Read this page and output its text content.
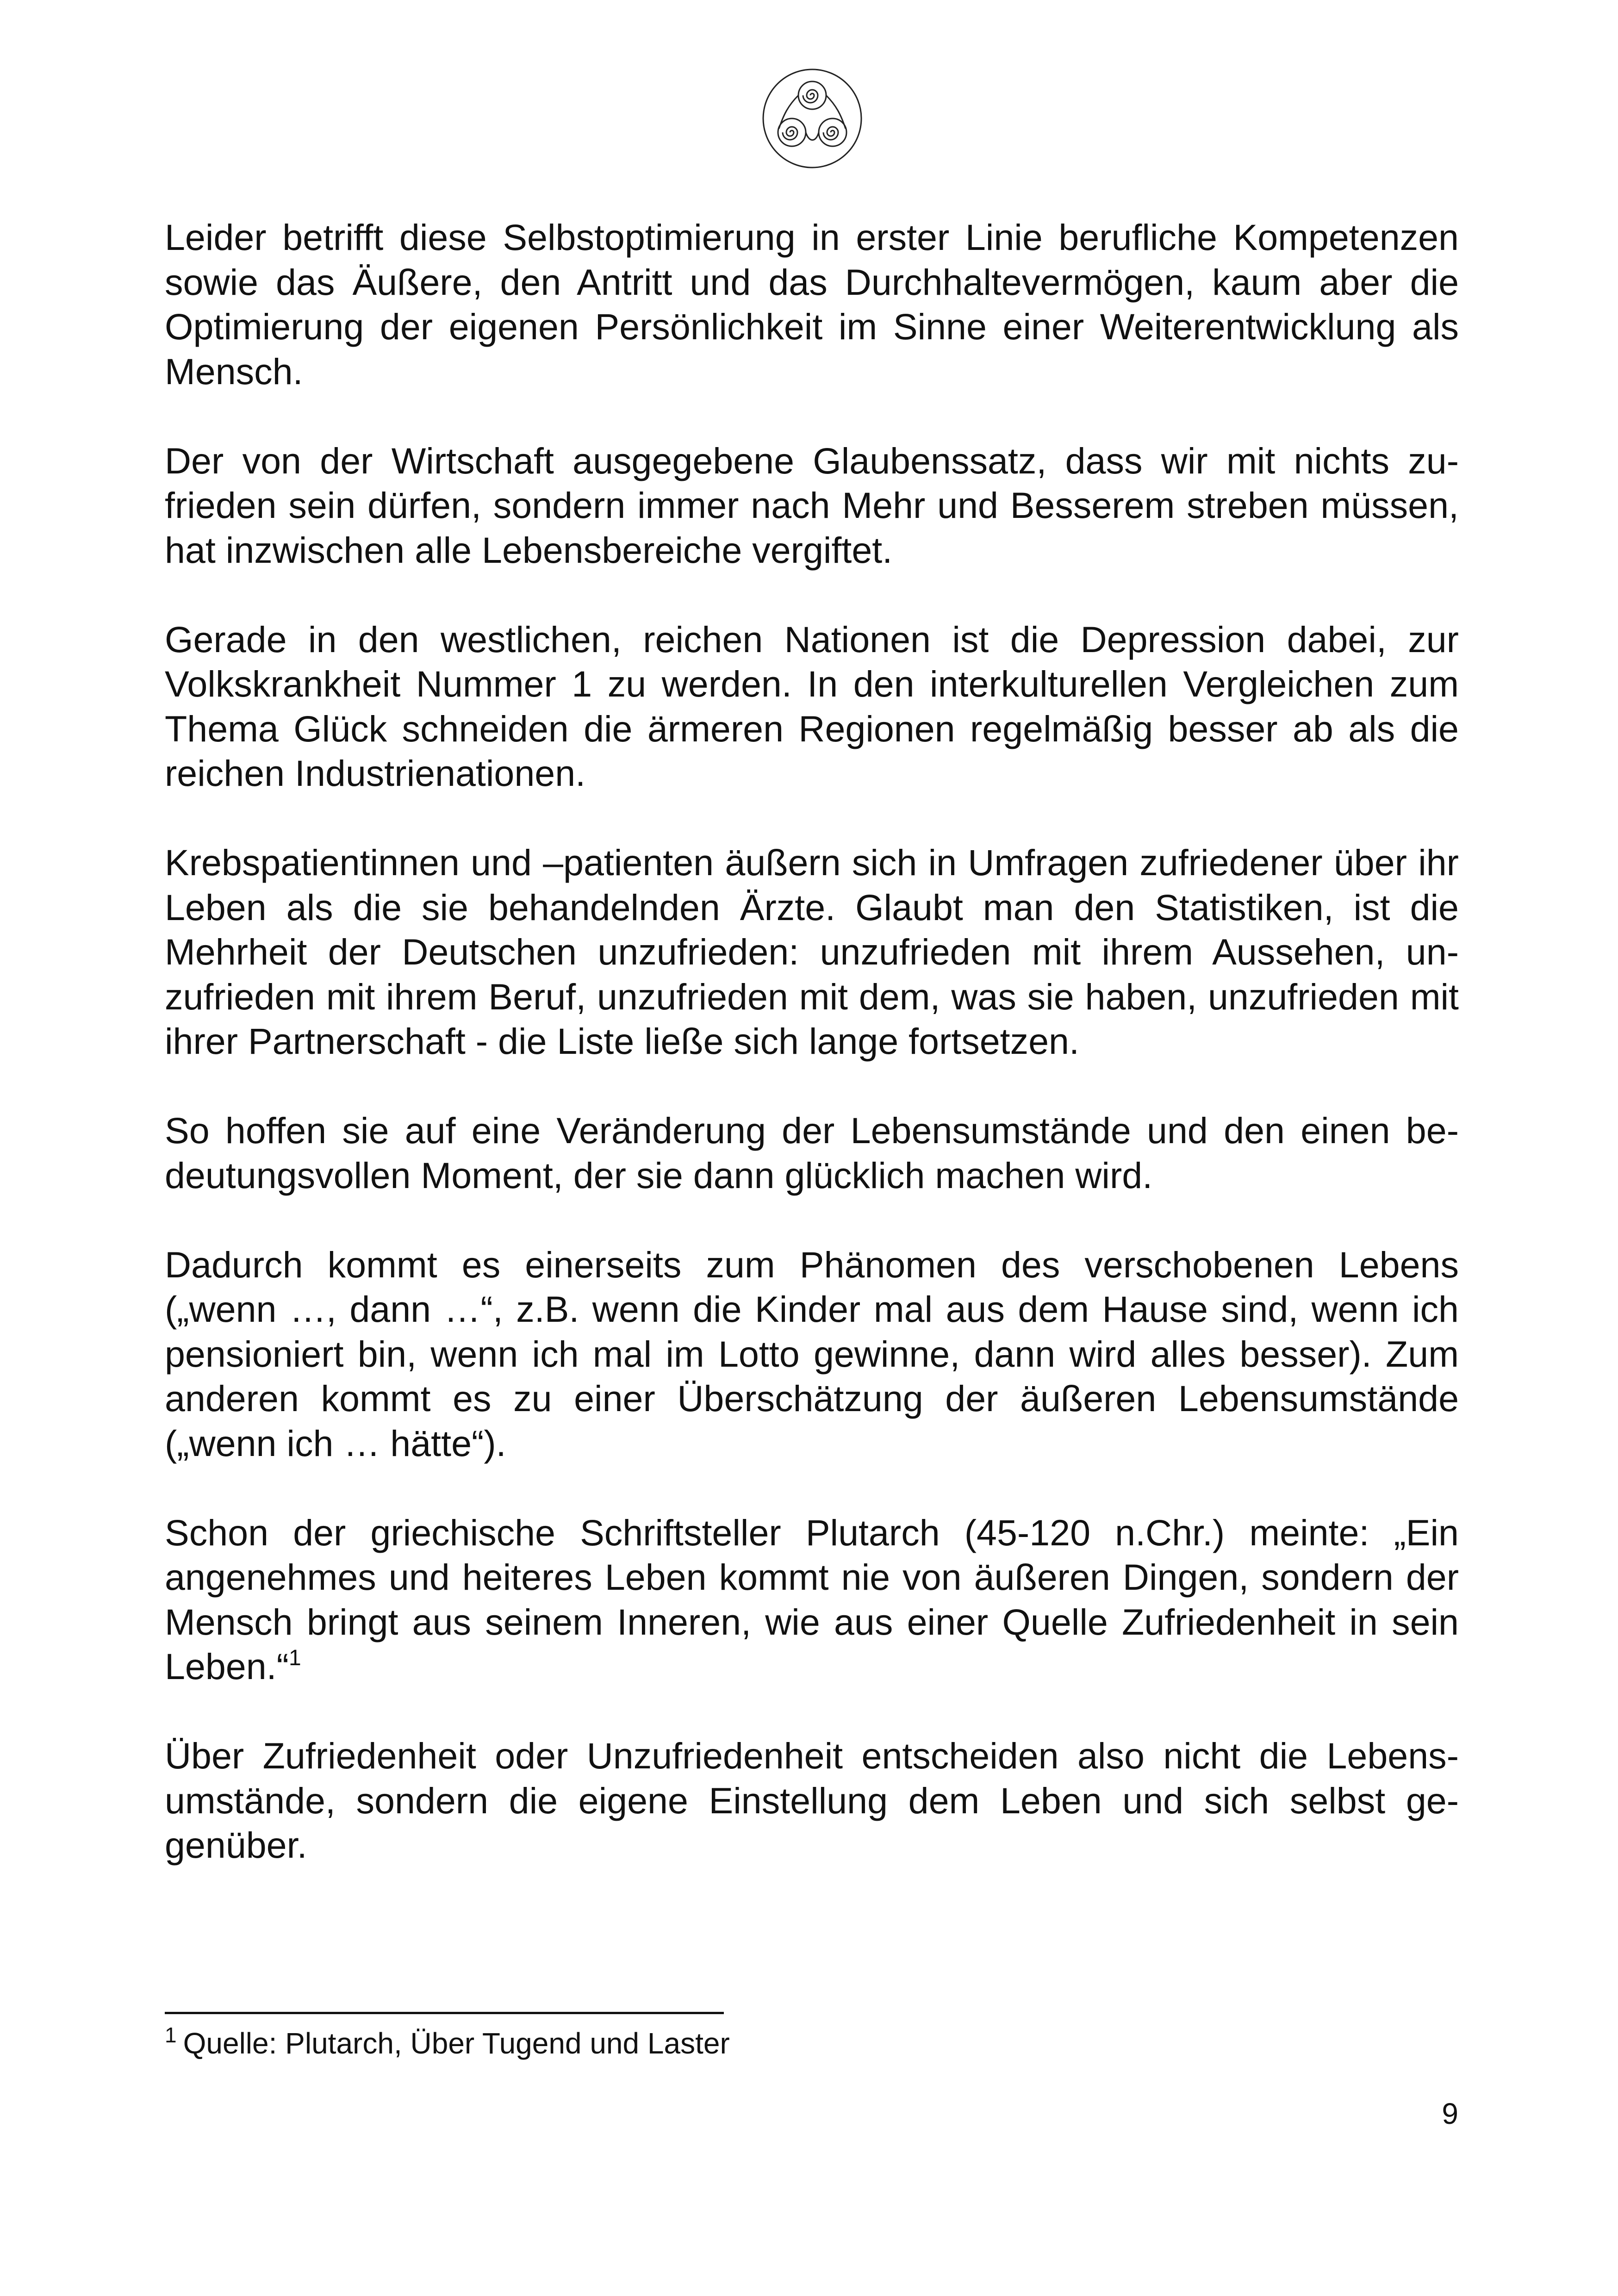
Leider betrifft diese Selbstoptimierung in erster Linie berufliche Kompetenzen sowie das Äußere, den Antritt und das Durchhaltevermögen, kaum aber die Optimierung der eigenen Persönlichkeit im Sinne einer Weiterentwicklung als Mensch.

Der von der Wirtschaft ausgegebene Glaubenssatz, dass wir mit nichts zufrieden sein dürfen, sondern immer nach Mehr und Besserem streben müssen, hat inzwischen alle Lebensbereiche vergiftet.

Gerade in den westlichen, reichen Nationen ist die Depression dabei, zur Volkskrankheit Nummer 1 zu werden. In den interkulturellen Vergleichen zum Thema Glück schneiden die ärmeren Regionen regelmäßig besser ab als die reichen Industrienationen.

Krebspatientinnen und –patienten äußern sich in Umfragen zufriedener über ihr Leben als die sie behandelnden Ärzte. Glaubt man den Statistiken, ist die Mehrheit der Deutschen unzufrieden: unzufrieden mit ihrem Aussehen, unzufrieden mit ihrem Beruf, unzufrieden mit dem, was sie haben, unzufrieden mit ihrer Partnerschaft - die Liste ließe sich lange fortsetzen.

So hoffen sie auf eine Veränderung der Lebensumstände und den einen bedeutungsvollen Moment, der sie dann glücklich machen wird.

Dadurch kommt es einerseits zum Phänomen des verschobenen Lebens („wenn …, dann …“, z.B. wenn die Kinder mal aus dem Hause sind, wenn ich pensioniert bin, wenn ich mal im Lotto gewinne, dann wird alles besser). Zum anderen kommt es zu einer Überschätzung der äußeren Lebensumstände („wenn ich … hätte“).

Schon der griechische Schriftsteller Plutarch (45-120 n.Chr.) meinte: „Ein angenehmes und heiteres Leben kommt nie von äußeren Dingen, sondern der Mensch bringt aus seinem Inneren, wie aus einer Quelle Zufriedenheit in sein Leben.“$^1$

Über Zufriedenheit oder Unzufriedenheit entscheiden also nicht die Lebensumstände, sondern die eigene Einstellung dem Leben und sich selbst gegenüber.

$^1$ Quelle: Plutarch, Über Tugend und Laster
9
